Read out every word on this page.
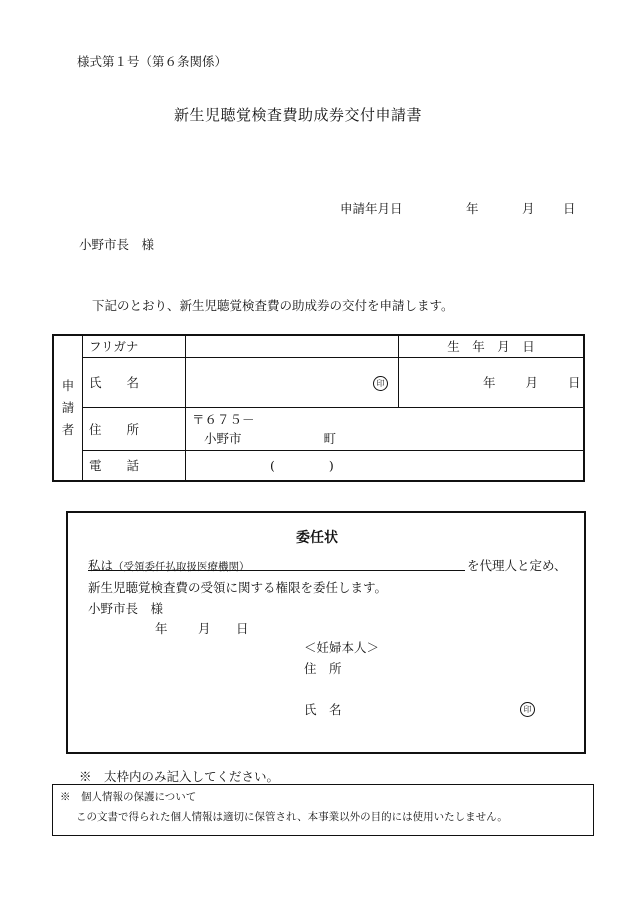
様式第１号（第６条関係）
新生児聴覚検査費助成券交付申請書
申請年月日	年	月 日
小野市長　様
下記のとおり、新生児聴覚検査費の助成券の交付を申請します。
申
請
者	フリガナ		生　年　月　日
	氏　　名	印	年 月 日
	住　　所	〒６７５－
小野市 町	

	電　　話	( )	
委任状
私は（受領委任払取扱医療機関）	を代理人と定め、
新生児聴覚検査費の受領に関する権限を委任します。
小野市長　様
年 月 日
＜妊婦本人＞
住　所
氏　名	印
※　太枠内のみ記入してください。
※　個人情報の保護について
この文書で得られた個人情報は適切に保管され、本事業以外の目的には使用いたしません。
